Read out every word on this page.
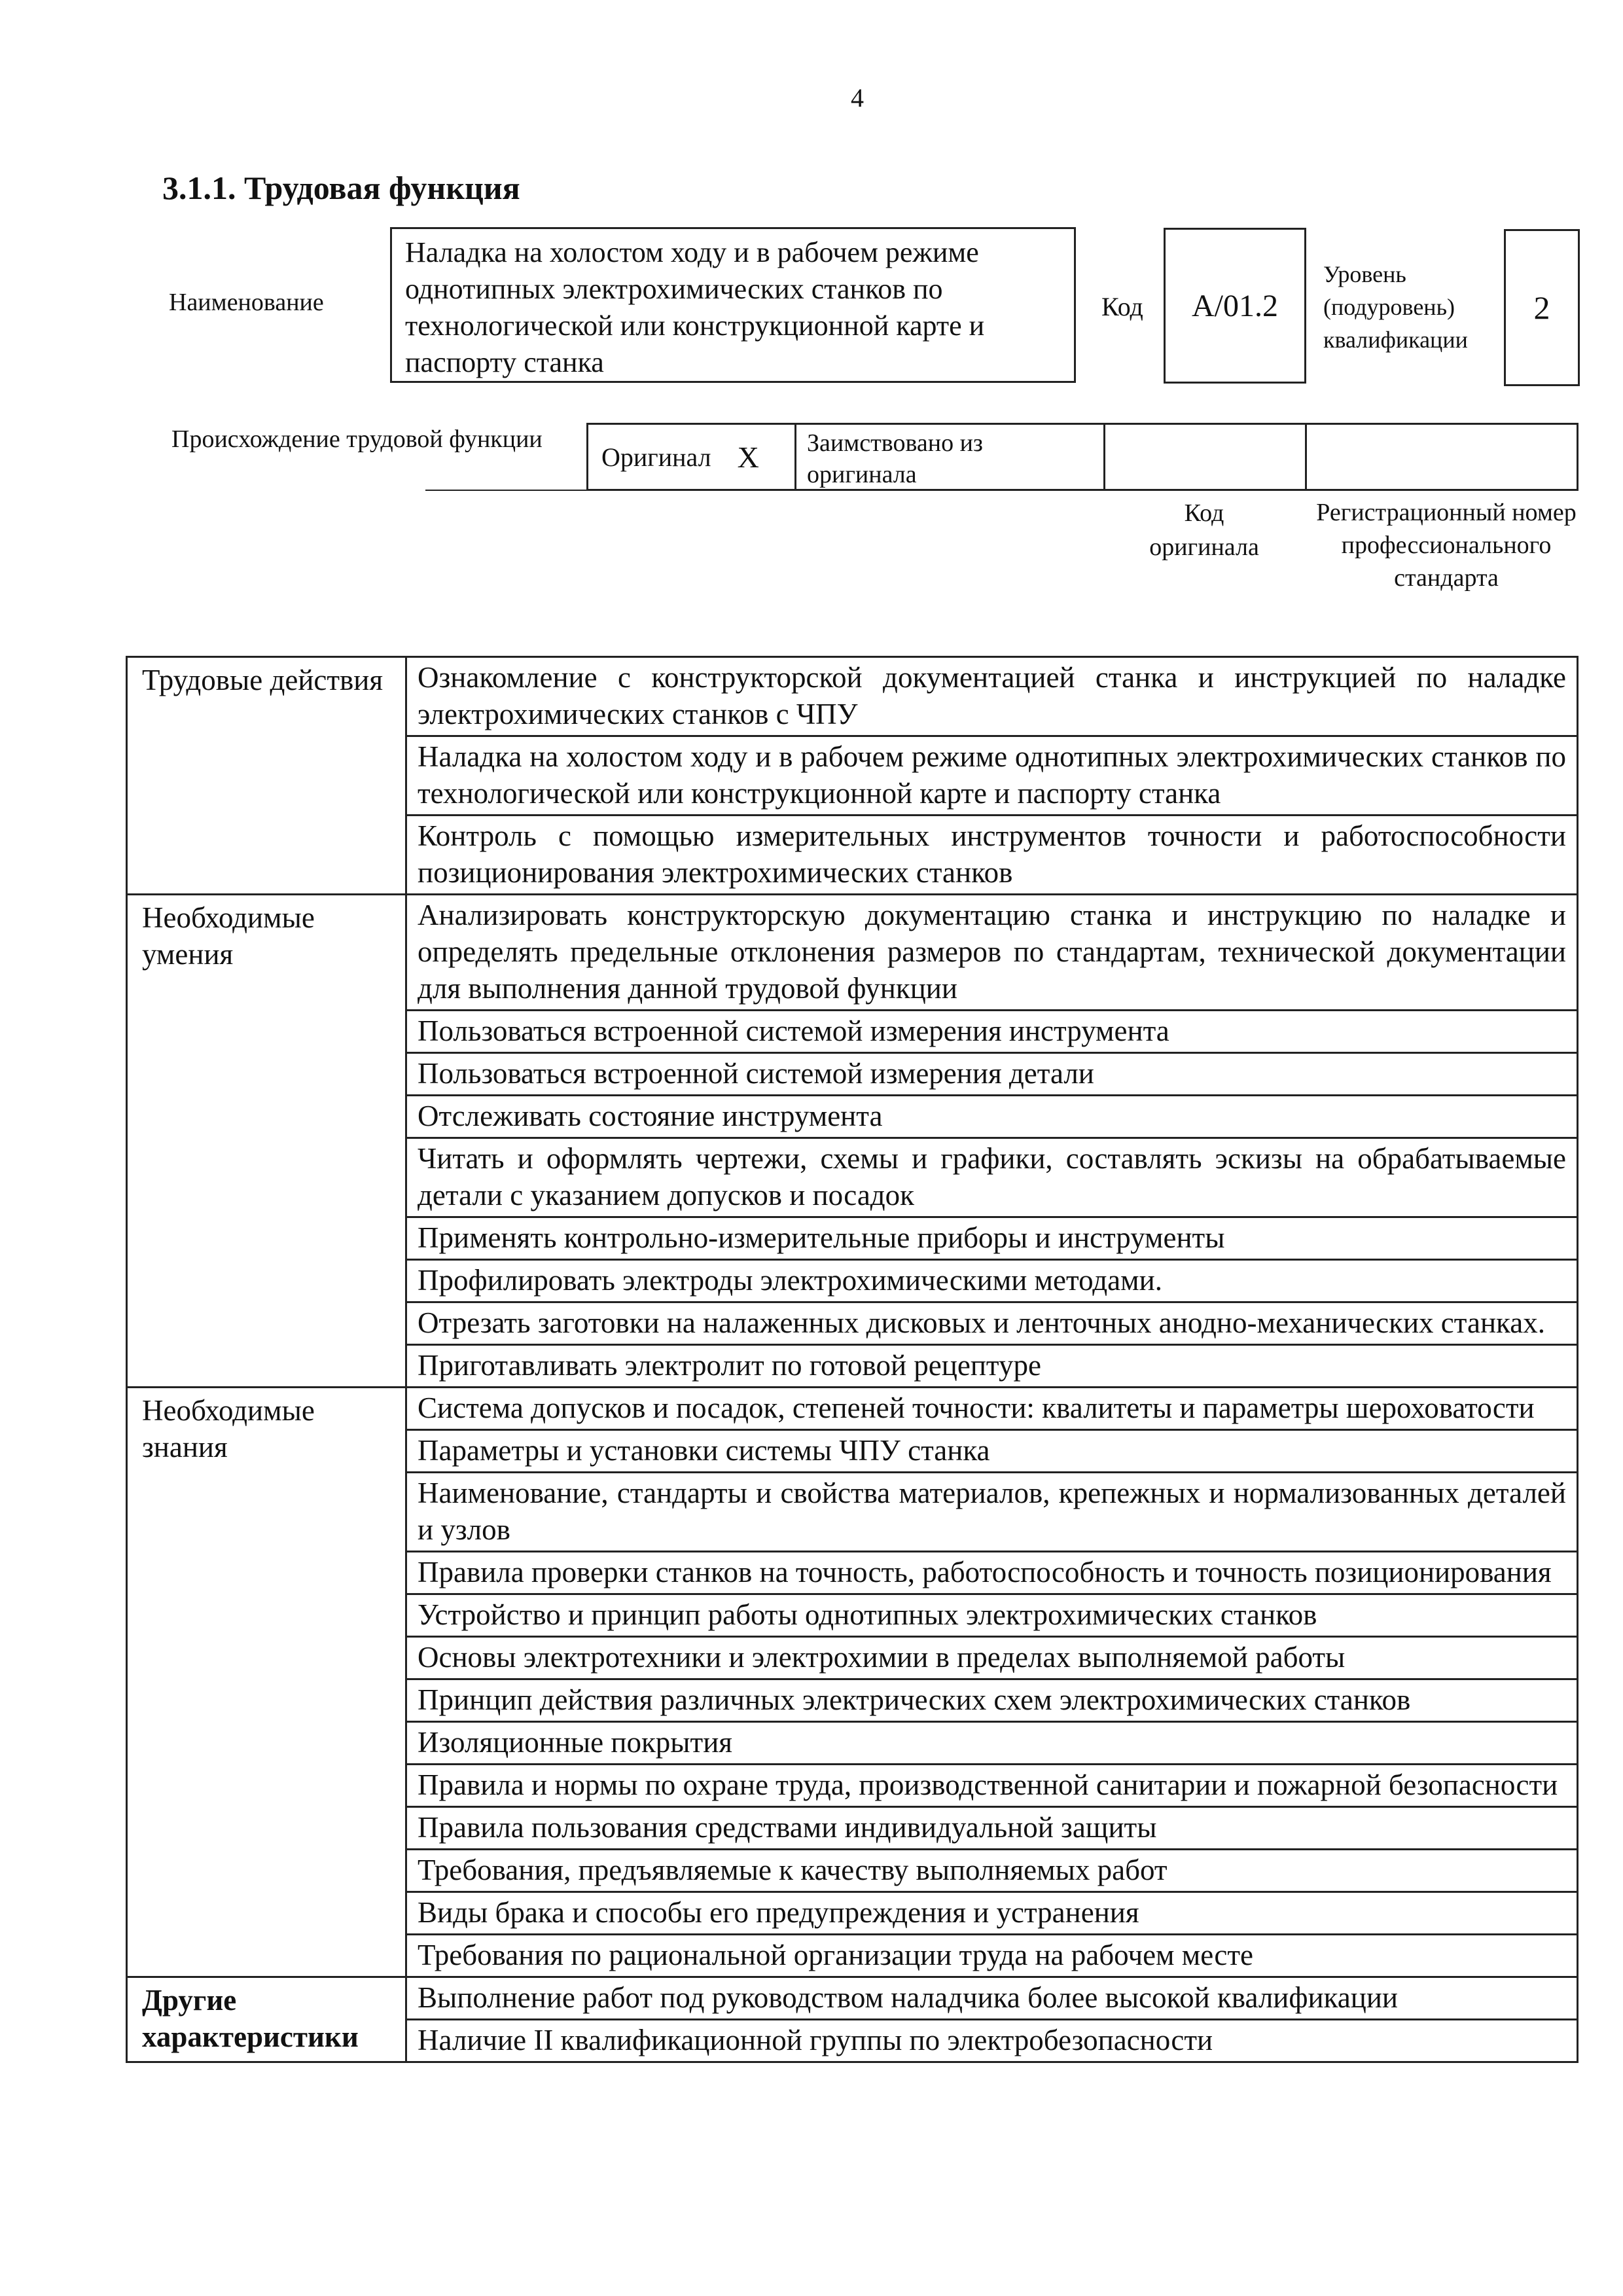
4
3.1.1. Трудовая функция
Наименование
Наладка на холостом ходу и в рабочем режиме однотипных электрохимических станков по технологической или конструкционной карте и паспорту станка
Код	A/01.2
Уровень (подуровень) квалификации
2
Происхождение трудовой функции
Оригинал X	Заимствовано из оригинала
Код оригинала
Регистрационный номер профессионального стандарта
Трудовые действия	Ознакомление с конструкторской документацией станка и инструкцией по наладке электрохимических станков с ЧПУ
	Наладка на холостом ходу и в рабочем режиме однотипных электрохимических станков по технологической или конструкционной карте и паспорту станка
	Контроль с помощью измерительных инструментов точности и работоспособности позиционирования электрохимических станков
Необходимые умения	Анализировать конструкторскую документацию станка и инструкцию по наладке и определять предельные отклонения размеров по стандартам, технической документации для выполнения данной трудовой функции
	Пользоваться встроенной системой измерения инструмента
	Пользоваться встроенной системой измерения детали
	Отслеживать состояние инструмента
	Читать и оформлять чертежи, схемы и графики, составлять эскизы на обрабатываемые детали с указанием допусков и посадок
	Применять контрольно-измерительные приборы и инструменты
	Профилировать электроды электрохимическими методами.
	Отрезать заготовки на налаженных дисковых и ленточных анодно-механических станках.
	Приготавливать электролит по готовой рецептуре
Необходимые знания	Система допусков и посадок, степеней точности: квалитеты и параметры шероховатости
	Параметры и установки системы ЧПУ станка
	Наименование, стандарты и свойства материалов, крепежных и нормализованных деталей и узлов
	Правила проверки станков на точность, работоспособность и точность позиционирования
	Устройство и принцип работы однотипных электрохимических станков
	Основы электротехники и электрохимии в пределах выполняемой работы
	Принцип действия различных электрических схем электрохимических станков
	Изоляционные покрытия
	Правила и нормы по охране труда, производственной санитарии и пожарной безопасности
	Правила пользования средствами индивидуальной защиты
	Требования, предъявляемые к качеству выполняемых работ
	Виды брака и способы его предупреждения и устранения
	Требования по рациональной организации труда на рабочем месте
Другие характеристики	Выполнение работ под руководством наладчика более высокой квалификации
	Наличие II квалификационной группы по электробезопасности
